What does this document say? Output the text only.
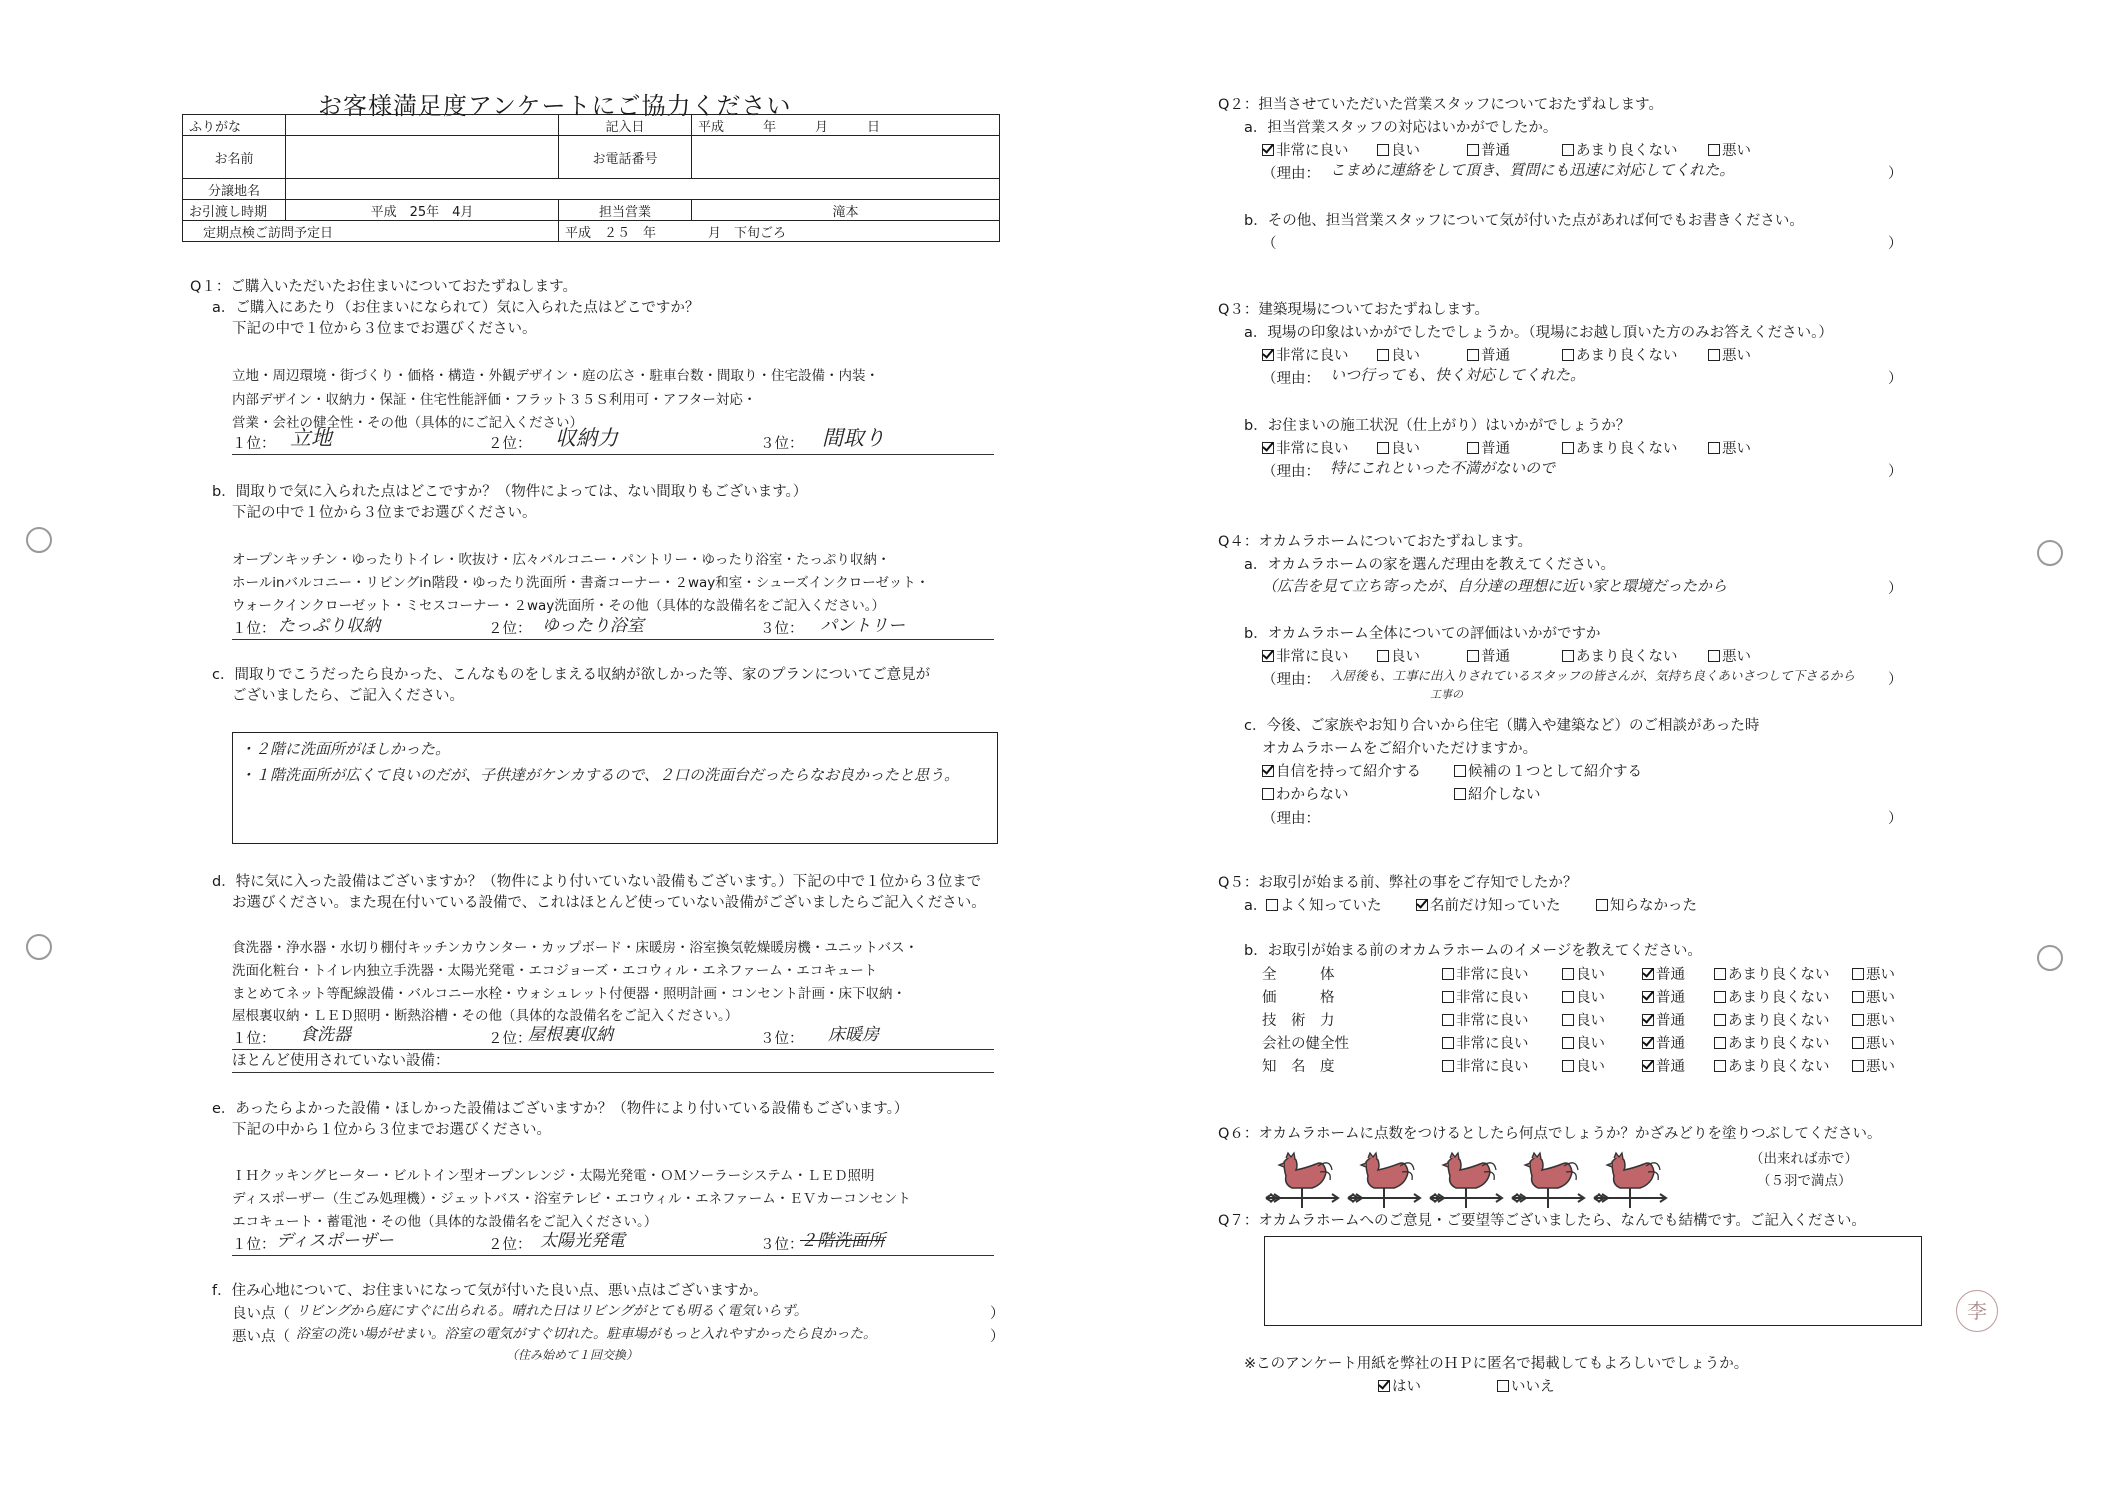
お客様満足度アンケートにご協力ください
ふりがな		記入日	平成　　　年　　　月　　　日
お名前		お電話番号	
分譲地名			
お引渡し時期	平成　25年　4月	担当営業	滝本
定期点検ご訪問予定日		平成　２５　年　　　　月　下旬ごろ	
Q１：ご購入いただいたお住まいについておたずねします。
a．ご購入にあたり（お住まいになられて）気に入られた点はどこですか？
下記の中で１位から３位までお選びください。
立地・周辺環境・街づくり・価格・構造・外観デザイン・庭の広さ・駐車台数・間取り・住宅設備・内装・
内部デザイン・収納力・保証・住宅性能評価・フラット３５Ｓ利用可・アフター対応・
営業・会社の健全性・その他（具体的にご記入ください）
１位： 立地	２位： 収納力	３位： 間取り
b．間取りで気に入られた点はどこですか？（物件によっては、ない間取りもございます。）
下記の中で１位から３位までお選びください。
オープンキッチン・ゆったりトイレ・吹抜け・広々バルコニー・パントリー・ゆったり浴室・たっぷり収納・
ホールinバルコニー・リビングin階段・ゆったり洗面所・書斎コーナー・２way和室・シューズインクローゼット・
ウォークインクローゼット・ミセスコーナー・２way洗面所・その他（具体的な設備名をご記入ください。）
１位： たっぷり収納	２位： ゆったり浴室	３位： パントリー
c．間取りでこうだったら良かった、こんなものをしまえる収納が欲しかった等、家のプランについてご意見が
ございましたら、ご記入ください。
・２階に洗面所がほしかった。
・１階洗面所が広くて良いのだが、子供達がケンカするので、２口の洗面台だったらなお良かったと思う。
d．特に気に入った設備はございますか？（物件により付いていない設備もございます。）下記の中で１位から３位まで
お選びください。また現在付いている設備で、これはほとんど使っていない設備がございましたらご記入ください。
食洗器・浄水器・水切り棚付キッチンカウンター・カップボード・床暖房・浴室換気乾燥暖房機・ユニットバス・
洗面化粧台・トイレ内独立手洗器・太陽光発電・エコジョーズ・エコウィル・エネファーム・エコキュート
まとめてネット等配線設備・バルコニー水栓・ウォシュレット付便器・照明計画・コンセント計画・床下収納・
屋根裏収納・ＬＥＤ照明・断熱浴槽・その他（具体的な設備名をご記入ください。）
１位： 食洗器	２位：
屋根裏収納	３位： 床暖房
ほとんど使用されていない設備：
e．あったらよかった設備・ほしかった設備はございますか？（物件により付いている設備もございます。）
下記の中から１位から３位までお選びください。
ＩＨクッキングヒーター・ビルトイン型オープンレンジ・太陽光発電・ＯＭソーラーシステム・ＬＥＤ照明
ディスポーザー（生ごみ処理機）・ジェットバス・浴室テレビ・エコウィル・エネファーム・ＥＶカーコンセント
エコキュート・蓄電池・その他（具体的な設備名をご記入ください。）
１位： ディスポーザー	２位： 太陽光発電	３位：
２階洗面所
f．住み心地について、お住まいになって気が付いた良い点、悪い点はございますか。
良い点（ リビングから庭にすぐに出られる。晴れた日はリビングがとても明るく電気いらず。	）
悪い点（ 浴室の洗い場がせまい。浴室の電気がすぐ切れた。駐車場がもっと入れやすかったら良かった。
（住み始めて１回交換）
）
Q２：担当させていただいた営業スタッフについておたずねします。
a．担当営業スタッフの対応はいかがでしたか。
非常に良い	良い	普通	あまり良くない	悪い
（理由： こまめに連絡をして頂き、質問にも迅速に対応してくれた。	）
b．その他、担当営業スタッフについて気が付いた点があれば何でもお書きください。
（	）
Q３：建築現場についておたずねします。
a．現場の印象はいかがでしたでしょうか。（現場にお越し頂いた方のみお答えください。）
非常に良い	良い	普通	あまり良くない	悪い
（理由： いつ行っても、快く対応してくれた。	）
b．お住まいの施工状況（仕上がり）はいかがでしょうか？
非常に良い	良い	普通	あまり良くない	悪い
（理由： 特にこれといった不満がないので	）
Q４：オカムラホームについておたずねします。
a．オカムラホームの家を選んだ理由を教えてください。
（広告を見て立ち寄ったが、自分達の理想に近い家と環境だったから	）
b．オカムラホーム全体についての評価はいかがですか
非常に良い	良い	普通	あまり良くない	悪い
（理由： 入居後も、工事に出入りされているスタッフの皆さんが、気持ち良くあいさつして下さるから
工事の
）
c．今後、ご家族やお知り合いから住宅（購入や建築など）のご相談があった時
オカムラホームをご紹介いただけますか。
自信を持って紹介する	候補の１つとして紹介する
わからない	紹介しない
（理由：	）
Q５：お取引が始まる前、弊社の事をご存知でしたか？
a． よく知っていた	名前だけ知っていた	知らなかった
b．お取引が始まる前のオカムラホームのイメージを教えてください。
全　　　体	非常に良い	良い	普通	あまり良くない	悪い
価　　　格	非常に良い	良い	普通	あまり良くない	悪い
技　術　力	非常に良い	良い	普通	あまり良くない	悪い
会社の健全性	非常に良い	良い	普通	あまり良くない	悪い
知　名　度	非常に良い	良い	普通	あまり良くない	悪い
Q６：オカムラホームに点数をつけるとしたら何点でしょうか？かざみどりを塗りつぶしてください。
（出来れば赤で）
（５羽で満点）
Q７：オカムラホームへのご意見・ご要望等ございましたら、なんでも結構です。ご記入ください。
※このアンケート用紙を弊社のＨＰに匿名で掲載してもよろしいでしょうか。
はい	いいえ
李
